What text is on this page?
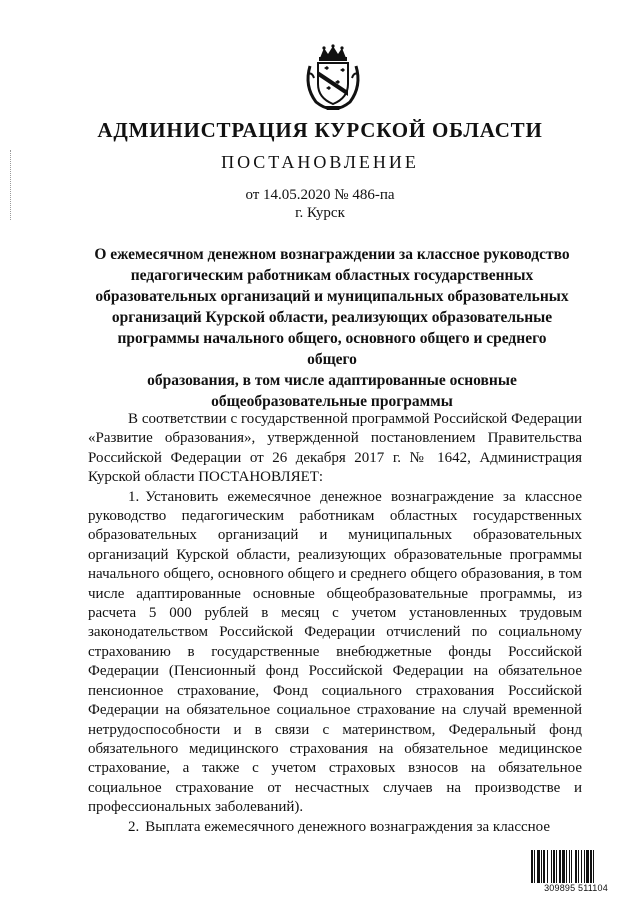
АДМИНИСТРАЦИЯ КУРСКОЙ ОБЛАСТИ
ПОСТАНОВЛЕНИЕ
от 14.05.2020 № 486-па
г. Курск
О ежемесячном денежном вознаграждении за классное руководство
педагогическим работникам областных государственных
образовательных организаций и муниципальных образовательных
организаций Курской области, реализующих образовательные
программы начального общего, основного общего и среднего общего
образования, в том числе адаптированные основные
общеобразовательные программы

В соответствии с государственной программой Российской Федерации «Развитие образования», утвержденной постановлением Правительства Российской Федерации от 26 декабря 2017 г. № 1642, Администрация Курской области ПОСТАНОВЛЯЕТ:

1. Установить ежемесячное денежное вознаграждение за классное руководство педагогическим работникам областных государственных образовательных организаций и муниципальных образовательных организаций Курской области, реализующих образовательные программы начального общего, основного общего и среднего общего образования, в том числе адаптированные основные общеобразовательные программы, из расчета 5 000 рублей в месяц с учетом установленных трудовым законодательством Российской Федерации отчислений по социальному страхованию в государственные внебюджетные фонды Российской Федерации (Пенсионный фонд Российской Федерации на обязательное пенсионное страхование, Фонд социального страхования Российской Федерации на обязательное социальное страхование на случай временной нетрудоспособности и в связи с материнством, Федеральный фонд обязательного медицинского страхования на обязательное медицинское страхование, а также с учетом страховых взносов на обязательное социальное страхование от несчастных случаев на производстве и профессиональных заболеваний).

2. Выплата ежемесячного денежного вознаграждения за классное

309895 511104
